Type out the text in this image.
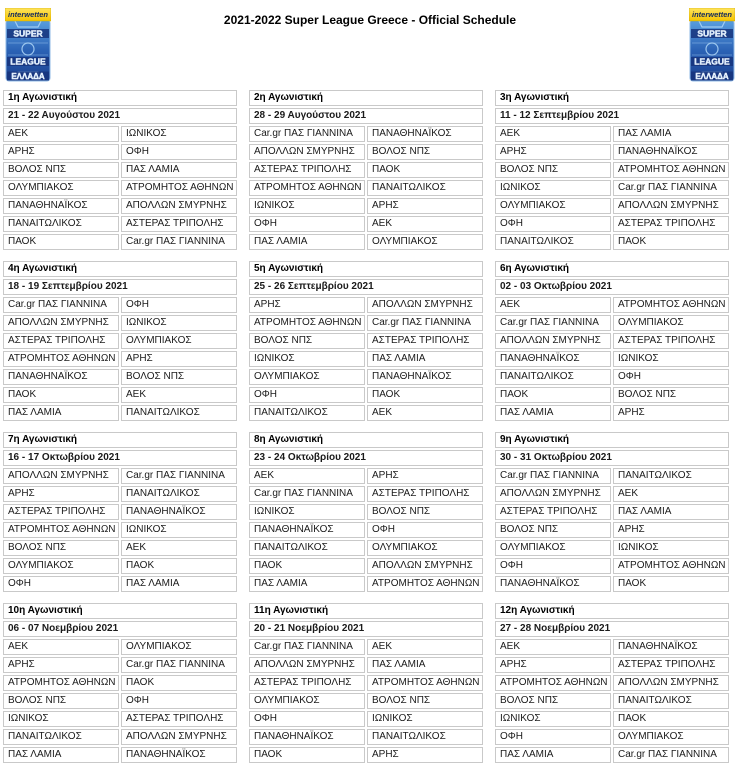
SUPER
LEAGUE
ΕΛΛΑΔΑ
interwetten	2021-2022 Super League Greece - Official Schedule
SUPER
LEAGUE
ΕΛΛΑΔΑ
interwetten
1η Αγωνιστική	
21 - 22 Αυγούστου 2021	
ΑΕΚ	ΙΩΝΙΚΟΣ
ΑΡΗΣ	ΟΦΗ
ΒΟΛΟΣ ΝΠΣ	ΠΑΣ ΛΑΜΙΑ
ΟΛΥΜΠΙΑΚΟΣ	ΑΤΡΟΜΗΤΟΣ ΑΘΗΝΩΝ
ΠΑΝΑΘΗΝΑΪΚΟΣ	ΑΠΟΛΛΩΝ ΣΜΥΡΝΗΣ
ΠΑΝΑΙΤΩΛΙΚΟΣ	ΑΣΤΕΡΑΣ ΤΡΙΠΟΛΗΣ
ΠΑΟΚ	Car.gr ΠΑΣ ΓΙΑΝΝΙΝΑ
2η Αγωνιστική	
28 - 29 Αυγούστου 2021	
Car.gr ΠΑΣ ΓΙΑΝΝΙΝΑ	ΠΑΝΑΘΗΝΑΪΚΟΣ
ΑΠΟΛΛΩΝ ΣΜΥΡΝΗΣ	ΒΟΛΟΣ ΝΠΣ
ΑΣΤΕΡΑΣ ΤΡΙΠΟΛΗΣ	ΠΑΟΚ
ΑΤΡΟΜΗΤΟΣ ΑΘΗΝΩΝ	ΠΑΝΑΙΤΩΛΙΚΟΣ
ΙΩΝΙΚΟΣ	ΑΡΗΣ
ΟΦΗ	ΑΕΚ
ΠΑΣ ΛΑΜΙΑ	ΟΛΥΜΠΙΑΚΟΣ
3η Αγωνιστική	
11 - 12 Σεπτεμβρίου 2021	
ΑΕΚ	ΠΑΣ ΛΑΜΙΑ
ΑΡΗΣ	ΠΑΝΑΘΗΝΑΪΚΟΣ
ΒΟΛΟΣ ΝΠΣ	ΑΤΡΟΜΗΤΟΣ ΑΘΗΝΩΝ
ΙΩΝΙΚΟΣ	Car.gr ΠΑΣ ΓΙΑΝΝΙΝΑ
ΟΛΥΜΠΙΑΚΟΣ	ΑΠΟΛΛΩΝ ΣΜΥΡΝΗΣ
ΟΦΗ	ΑΣΤΕΡΑΣ ΤΡΙΠΟΛΗΣ
ΠΑΝΑΙΤΩΛΙΚΟΣ	ΠΑΟΚ
4η Αγωνιστική	
18 - 19 Σεπτεμβρίου 2021	
Car.gr ΠΑΣ ΓΙΑΝΝΙΝΑ	ΟΦΗ
ΑΠΟΛΛΩΝ ΣΜΥΡΝΗΣ	ΙΩΝΙΚΟΣ
ΑΣΤΕΡΑΣ ΤΡΙΠΟΛΗΣ	ΟΛΥΜΠΙΑΚΟΣ
ΑΤΡΟΜΗΤΟΣ ΑΘΗΝΩΝ	ΑΡΗΣ
ΠΑΝΑΘΗΝΑΪΚΟΣ	ΒΟΛΟΣ ΝΠΣ
ΠΑΟΚ	ΑΕΚ
ΠΑΣ ΛΑΜΙΑ	ΠΑΝΑΙΤΩΛΙΚΟΣ
5η Αγωνιστική	
25 - 26 Σεπτεμβρίου 2021	
ΑΡΗΣ	ΑΠΟΛΛΩΝ ΣΜΥΡΝΗΣ
ΑΤΡΟΜΗΤΟΣ ΑΘΗΝΩΝ	Car.gr ΠΑΣ ΓΙΑΝΝΙΝΑ
ΒΟΛΟΣ ΝΠΣ	ΑΣΤΕΡΑΣ ΤΡΙΠΟΛΗΣ
ΙΩΝΙΚΟΣ	ΠΑΣ ΛΑΜΙΑ
ΟΛΥΜΠΙΑΚΟΣ	ΠΑΝΑΘΗΝΑΪΚΟΣ
ΟΦΗ	ΠΑΟΚ
ΠΑΝΑΙΤΩΛΙΚΟΣ	ΑΕΚ
6η Αγωνιστική	
02 - 03 Οκτωβρίου 2021	
ΑΕΚ	ΑΤΡΟΜΗΤΟΣ ΑΘΗΝΩΝ
Car.gr ΠΑΣ ΓΙΑΝΝΙΝΑ	ΟΛΥΜΠΙΑΚΟΣ
ΑΠΟΛΛΩΝ ΣΜΥΡΝΗΣ	ΑΣΤΕΡΑΣ ΤΡΙΠΟΛΗΣ
ΠΑΝΑΘΗΝΑΪΚΟΣ	ΙΩΝΙΚΟΣ
ΠΑΝΑΙΤΩΛΙΚΟΣ	ΟΦΗ
ΠΑΟΚ	ΒΟΛΟΣ ΝΠΣ
ΠΑΣ ΛΑΜΙΑ	ΑΡΗΣ
7η Αγωνιστική	
16 - 17 Οκτωβρίου 2021	
ΑΠΟΛΛΩΝ ΣΜΥΡΝΗΣ	Car.gr ΠΑΣ ΓΙΑΝΝΙΝΑ
ΑΡΗΣ	ΠΑΝΑΙΤΩΛΙΚΟΣ
ΑΣΤΕΡΑΣ ΤΡΙΠΟΛΗΣ	ΠΑΝΑΘΗΝΑΪΚΟΣ
ΑΤΡΟΜΗΤΟΣ ΑΘΗΝΩΝ	ΙΩΝΙΚΟΣ
ΒΟΛΟΣ ΝΠΣ	ΑΕΚ
ΟΛΥΜΠΙΑΚΟΣ	ΠΑΟΚ
ΟΦΗ	ΠΑΣ ΛΑΜΙΑ
8η Αγωνιστική	
23 - 24 Οκτωβρίου 2021	
ΑΕΚ	ΑΡΗΣ
Car.gr ΠΑΣ ΓΙΑΝΝΙΝΑ	ΑΣΤΕΡΑΣ ΤΡΙΠΟΛΗΣ
ΙΩΝΙΚΟΣ	ΒΟΛΟΣ ΝΠΣ
ΠΑΝΑΘΗΝΑΪΚΟΣ	ΟΦΗ
ΠΑΝΑΙΤΩΛΙΚΟΣ	ΟΛΥΜΠΙΑΚΟΣ
ΠΑΟΚ	ΑΠΟΛΛΩΝ ΣΜΥΡΝΗΣ
ΠΑΣ ΛΑΜΙΑ	ΑΤΡΟΜΗΤΟΣ ΑΘΗΝΩΝ
9η Αγωνιστική	
30 - 31 Οκτωβρίου 2021	
Car.gr ΠΑΣ ΓΙΑΝΝΙΝΑ	ΠΑΝΑΙΤΩΛΙΚΟΣ
ΑΠΟΛΛΩΝ ΣΜΥΡΝΗΣ	ΑΕΚ
ΑΣΤΕΡΑΣ ΤΡΙΠΟΛΗΣ	ΠΑΣ ΛΑΜΙΑ
ΒΟΛΟΣ ΝΠΣ	ΑΡΗΣ
ΟΛΥΜΠΙΑΚΟΣ	ΙΩΝΙΚΟΣ
ΟΦΗ	ΑΤΡΟΜΗΤΟΣ ΑΘΗΝΩΝ
ΠΑΝΑΘΗΝΑΪΚΟΣ	ΠΑΟΚ
10η Αγωνιστική	
06 - 07 Νοεμβρίου 2021	
ΑΕΚ	ΟΛΥΜΠΙΑΚΟΣ
ΑΡΗΣ	Car.gr ΠΑΣ ΓΙΑΝΝΙΝΑ
ΑΤΡΟΜΗΤΟΣ ΑΘΗΝΩΝ	ΠΑΟΚ
ΒΟΛΟΣ ΝΠΣ	ΟΦΗ
ΙΩΝΙΚΟΣ	ΑΣΤΕΡΑΣ ΤΡΙΠΟΛΗΣ
ΠΑΝΑΙΤΩΛΙΚΟΣ	ΑΠΟΛΛΩΝ ΣΜΥΡΝΗΣ
ΠΑΣ ΛΑΜΙΑ	ΠΑΝΑΘΗΝΑΪΚΟΣ
11η Αγωνιστική	
20 - 21 Νοεμβρίου 2021	
Car.gr ΠΑΣ ΓΙΑΝΝΙΝΑ	ΑΕΚ
ΑΠΟΛΛΩΝ ΣΜΥΡΝΗΣ	ΠΑΣ ΛΑΜΙΑ
ΑΣΤΕΡΑΣ ΤΡΙΠΟΛΗΣ	ΑΤΡΟΜΗΤΟΣ ΑΘΗΝΩΝ
ΟΛΥΜΠΙΑΚΟΣ	ΒΟΛΟΣ ΝΠΣ
ΟΦΗ	ΙΩΝΙΚΟΣ
ΠΑΝΑΘΗΝΑΪΚΟΣ	ΠΑΝΑΙΤΩΛΙΚΟΣ
ΠΑΟΚ	ΑΡΗΣ
12η Αγωνιστική	
27 - 28 Νοεμβρίου 2021	
ΑΕΚ	ΠΑΝΑΘΗΝΑΪΚΟΣ
ΑΡΗΣ	ΑΣΤΕΡΑΣ ΤΡΙΠΟΛΗΣ
ΑΤΡΟΜΗΤΟΣ ΑΘΗΝΩΝ	ΑΠΟΛΛΩΝ ΣΜΥΡΝΗΣ
ΒΟΛΟΣ ΝΠΣ	ΠΑΝΑΙΤΩΛΙΚΟΣ
ΙΩΝΙΚΟΣ	ΠΑΟΚ
ΟΦΗ	ΟΛΥΜΠΙΑΚΟΣ
ΠΑΣ ΛΑΜΙΑ	Car.gr ΠΑΣ ΓΙΑΝΝΙΝΑ
